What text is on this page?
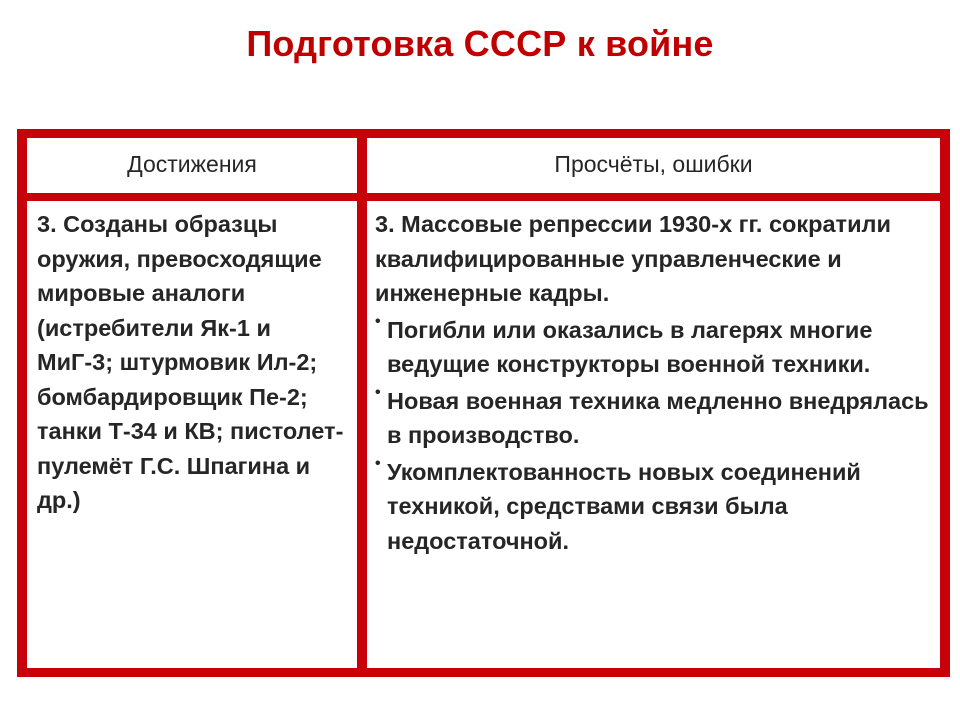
Подготовка СССР к войне
Достижения	Просчёты, ошибки

3. Созданы образцы оружия, превосходящие мировые аналоги (истребители Як-1 и МиГ-3; штурмовик Ил-2; бомбардировщик Пе-2; танки Т-34 и КВ; пистолет-пулемёт Г.С. Шпагина и др.)

3. Массовые репрессии 1930-х гг. сократили квалифицированные управленческие и инженерные кадры.

• Погибли или оказались в лагерях многие ведущие конструкторы военной техники.
• Новая военная техника медленно внедрялась в производство.
• Укомплектованность новых соединений техникой, средствами связи была недостаточной.
